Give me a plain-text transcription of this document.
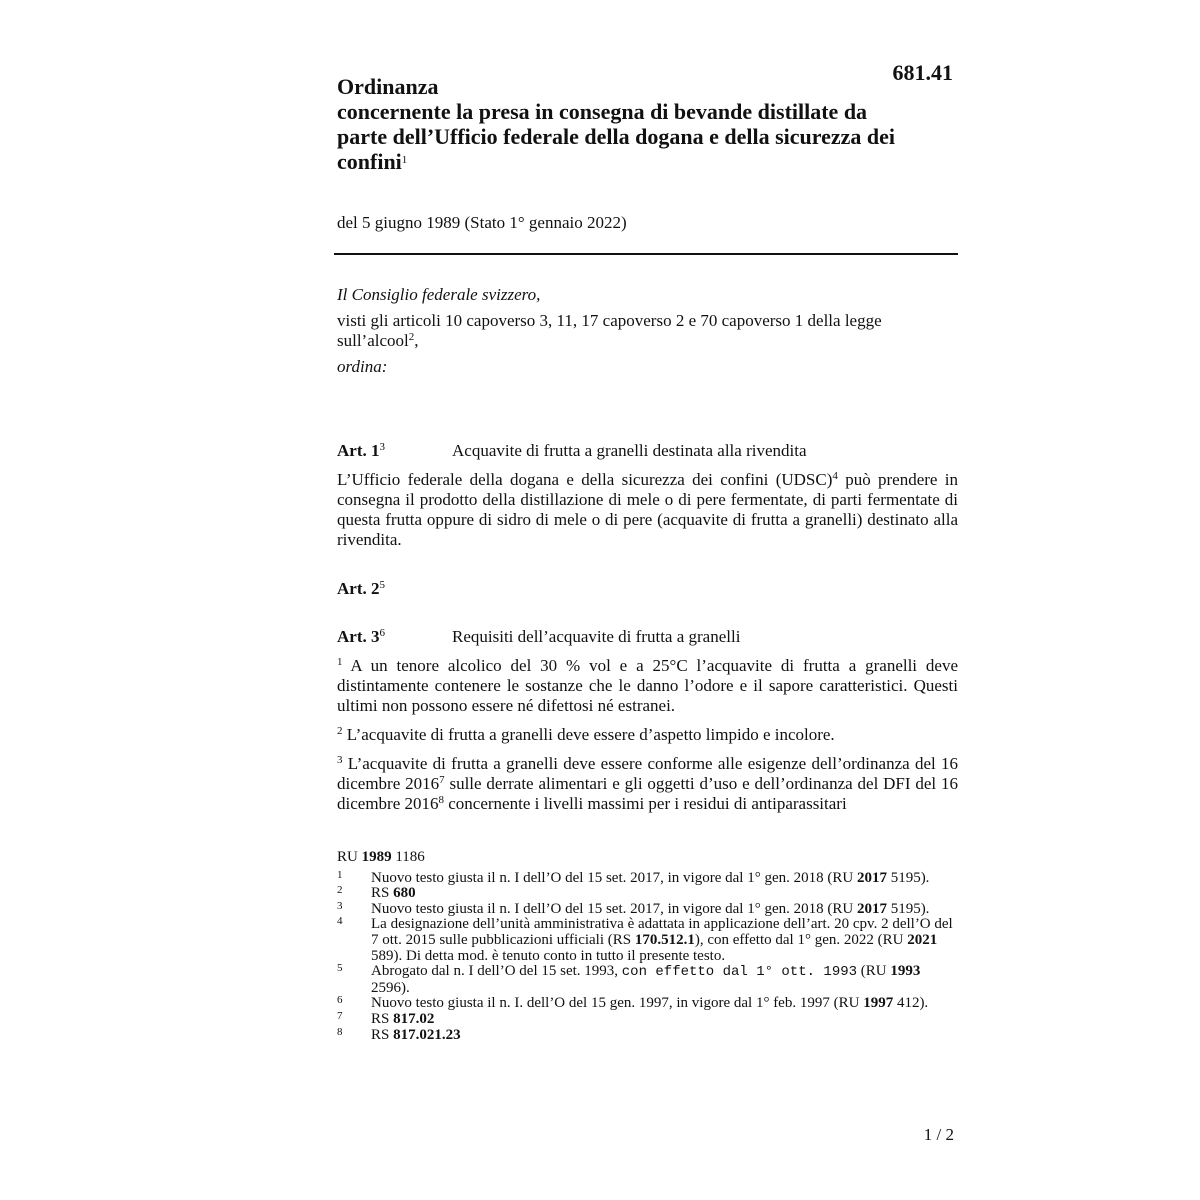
681.41
Ordinanza
concernente la presa in consegna di bevande distillate da
parte dell’Ufficio federale della dogana e della sicurezza dei
confini$^1$
del 5 giugno 1989 (Stato 1° gennaio 2022)

Il Consiglio federale svizzero,

visti gli articoli 10 capoverso 3, 11, 17 capoverso 2 e 70 capoverso 1 della legge sull’alcool$^2$,

ordina:

Art. 1$^3$	Acquavite di frutta a granelli destinata alla rivendita

L’Ufficio federale della dogana e della sicurezza dei confini (UDSC)$^4$ può prendere in consegna il prodotto della distillazione di mele o di pere fermentate, di parti fermentate di questa frutta oppure di sidro di mele o di pere (acquavite di frutta a granelli) destinato alla rivendita.

Art. 2$^5$
Art. 3$^6$	Requisiti dell’acquavite di frutta a granelli

$^1$ A un tenore alcolico del 30 % vol e a 25°C l’acquavite di frutta a granelli deve distintamente contenere le sostanze che le danno l’odore e il sapore caratteristici. Questi ultimi non possono essere né difettosi né estranei.

$^2$ L’acquavite di frutta a granelli deve essere d’aspetto limpido e incolore.

$^3$ L’acquavite di frutta a granelli deve essere conforme alle esigenze dell’ordinanza del 16 dicembre 2016$^7$ sulle derrate alimentari e gli oggetti d’uso e dell’ordinanza del DFI del 16 dicembre 2016$^8$ concernente i livelli massimi per i residui di antiparassitari

RU 1989 1186
1 Nuovo testo giusta il n. I dell’O del 15 set. 2017, in vigore dal 1° gen. 2018 (RU 2017 5195).
2 RS 680
3 Nuovo testo giusta il n. I dell’O del 15 set. 2017, in vigore dal 1° gen. 2018 (RU 2017 5195).
4 La designazione dell’unità amministrativa è adattata in applicazione dell’art. 20 cpv. 2 dell’O del 7 ott. 2015 sulle pubblicazioni ufficiali (RS 170.512.1), con effetto dal 1° gen. 2022 (RU 2021 589). Di detta mod. è tenuto conto in tutto il presente testo.
5 Abrogato dal n. I dell’O del 15 set. 1993, con effetto dal 1° ott. 1993 (RU 1993 2596).
6 Nuovo testo giusta il n. I. dell’O del 15 gen. 1997, in vigore dal 1° feb. 1997 (RU 1997 412).
7 RS 817.02
8 RS 817.021.23
1 / 2
